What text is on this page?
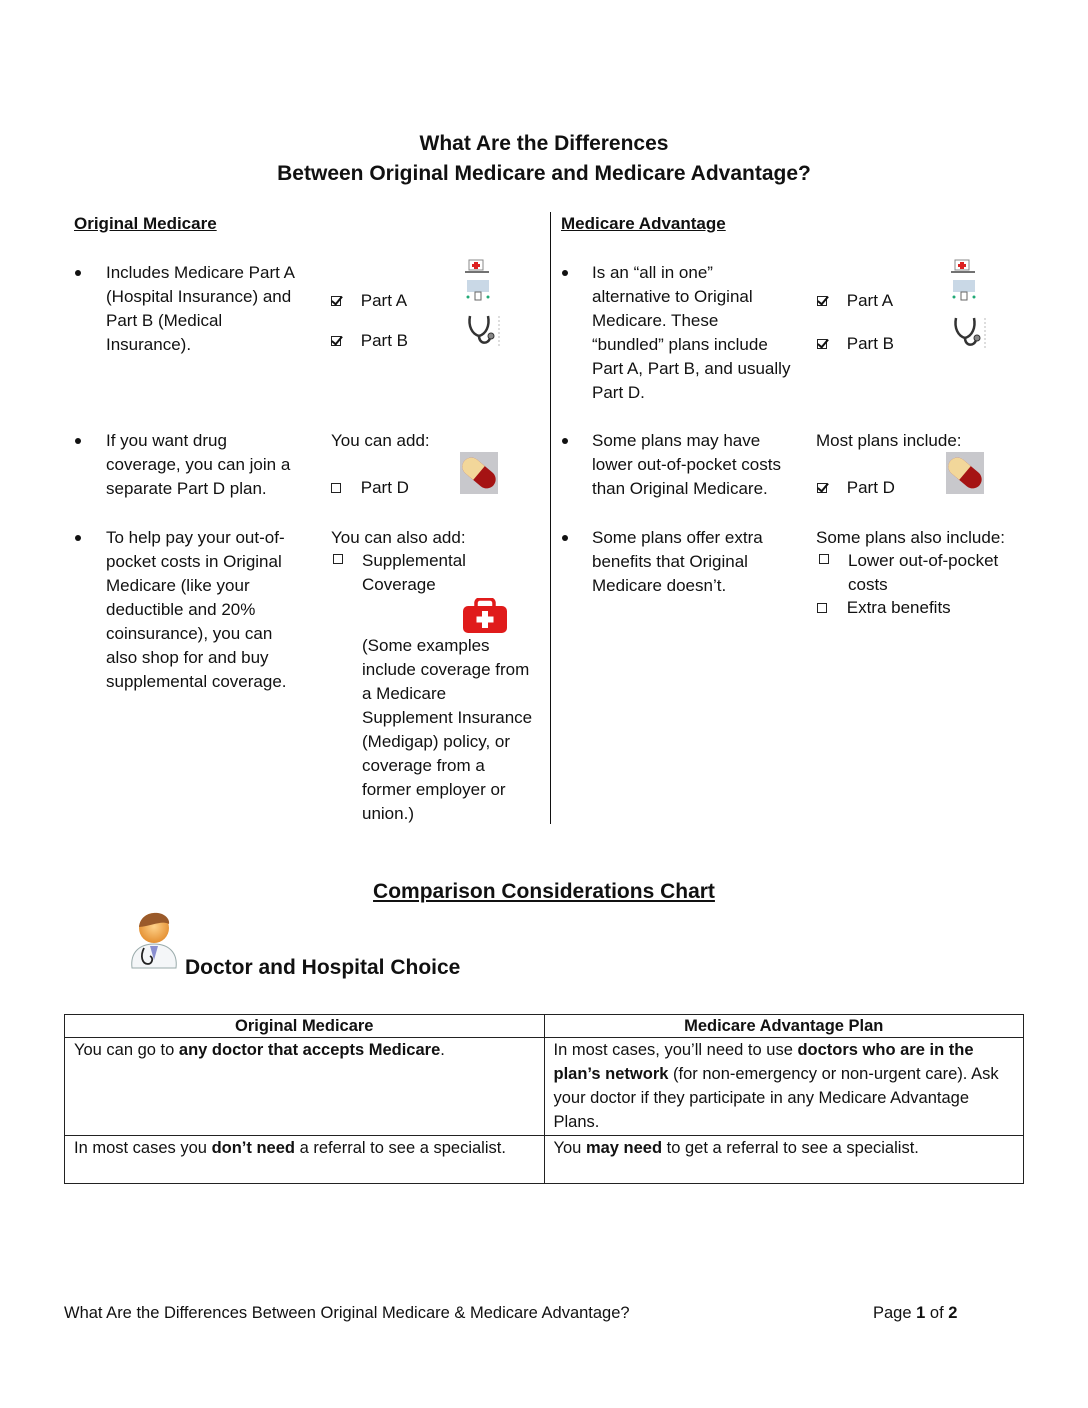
What Are the Differences
Between Original Medicare and Medicare Advantage?
Original Medicare	Medicare Advantage
Includes Medicare Part A
(Hospital Insurance) and
Part B (Medical
Insurance).
Part A
Part B
If you want drug
coverage, you can join a
separate Part D plan.
You can add:
Part D
To help pay your out-of-
pocket costs in Original
Medicare (like your
deductible and 20%
coinsurance), you can
also shop for and buy
supplemental coverage.
You can also add:
Supplemental
Coverage
(Some examples
include coverage from
a Medicare
Supplement Insurance
(Medigap) policy, or
coverage from a
former employer or
union.)
Is an “all in one”
alternative to Original
Medicare. These
“bundled” plans include
Part A, Part B, and usually
Part D.
Part A
Part B
Some plans may have
lower out-of-pocket costs
than Original Medicare.
Most plans include:
Part D
Some plans offer extra
benefits that Original
Medicare doesn’t.
Some plans also include:
Lower out-of-pocket
costs
Extra benefits
Comparison Considerations Chart
Doctor and Hospital Choice
Original Medicare	Medicare Advantage Plan
You can go to any doctor that accepts Medicare.	In most cases, you’ll need to use doctors who are in the plan’s network (for non-emergency or non-urgent care). Ask your doctor if they participate in any Medicare Advantage Plans.
In most cases you don’t need a referral to see a specialist.	You may need to get a referral to see a specialist.
What Are the Differences Between Original Medicare & Medicare Advantage?	Page 1 of 2
